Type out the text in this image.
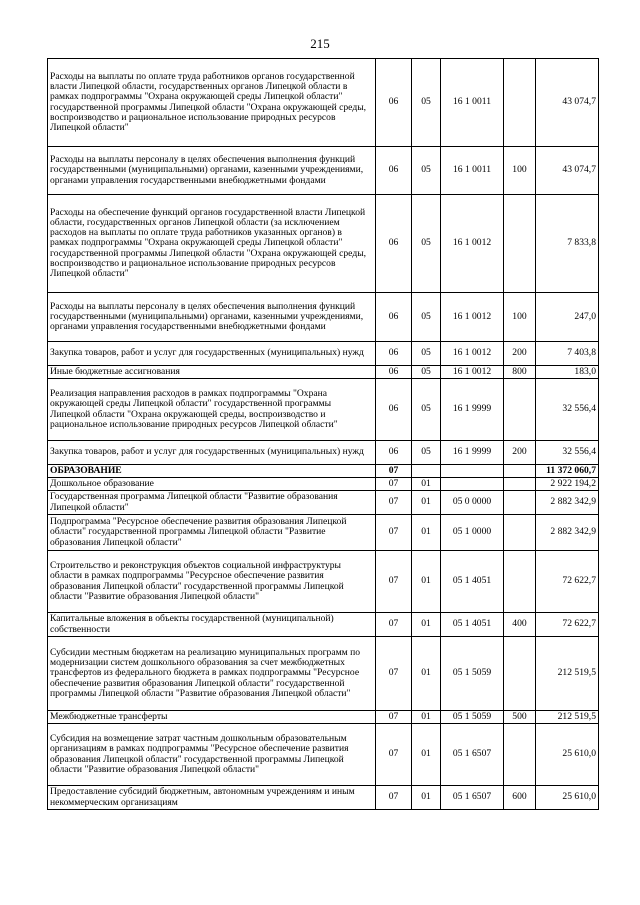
215
Расходы на выплаты по оплате труда работников органов государственной власти Липецкой области, государственных органов Липецкой области в рамках подпрограммы "Охрана окружающей среды Липецкой области" государственной программы Липецкой области "Охрана окружающей среды, воспроизводство и рациональное использование природных ресурсов Липецкой области"	06	05	16 1 0011		43 074,7
Расходы на выплаты персоналу в целях обеспечения выполнения функций государственными (муниципальными) органами, казенными учреждениями, органами управления государственными внебюджетными фондами	06	05	16 1 0011	100	43 074,7
Расходы на обеспечение функций органов государственной власти Липецкой области, государственных органов Липецкой области (за исключением расходов на выплаты по оплате труда работников указанных органов) в рамках подпрограммы "Охрана окружающей среды Липецкой области" государственной программы Липецкой области "Охрана окружающей среды, воспроизводство и рациональное использование природных ресурсов Липецкой области"	06	05	16 1 0012		7 833,8
Расходы на выплаты персоналу в целях обеспечения выполнения функций государственными (муниципальными) органами, казенными учреждениями, органами управления государственными внебюджетными фондами	06	05	16 1 0012	100	247,0
Закупка товаров, работ и услуг для государственных (муниципальных) нужд	06	05	16 1 0012	200	7 403,8
Иные бюджетные ассигнования	06	05	16 1 0012	800	183,0
Реализация направления расходов в рамках подпрограммы "Охрана окружающей среды Липецкой области" государственной программы Липецкой области "Охрана окружающей среды, воспроизводство и рациональное использование природных ресурсов Липецкой области"	06	05	16 1 9999		32 556,4
Закупка товаров, работ и услуг для государственных (муниципальных) нужд	06	05	16 1 9999	200	32 556,4
ОБРАЗОВАНИЕ	07				11 372 060,7
Дошкольное образование	07	01			2 922 194,2
Государственная программа Липецкой области "Развитие образования Липецкой области"	07	01	05 0 0000		2 882 342,9
Подпрограмма "Ресурсное обеспечение развития образования Липецкой области" государственной программы Липецкой области "Развитие образования Липецкой области"	07	01	05 1 0000		2 882 342,9
Строительство и реконструкция объектов социальной инфраструктуры области в рамках подпрограммы "Ресурсное обеспечение развития образования Липецкой области" государственной программы Липецкой области "Развитие образования Липецкой области"	07	01	05 1 4051		72 622,7
Капитальные вложения в объекты государственной (муниципальной) собственности	07	01	05 1 4051	400	72 622,7
Субсидии местным бюджетам на реализацию муниципальных программ по модернизации систем дошкольного образования за счет межбюджетных трансфертов из федерального бюджета в рамках подпрограммы "Ресурсное обеспечение развития образования Липецкой области" государственной программы Липецкой области "Развитие образования Липецкой области"	07	01	05 1 5059		212 519,5
Межбюджетные трансферты	07	01	05 1 5059	500	212 519,5
Субсидия на возмещение затрат частным дошкольным образовательным организациям в рамках подпрограммы "Ресурсное обеспечение развития образования Липецкой области" государственной программы Липецкой области "Развитие образования Липецкой области"	07	01	05 1 6507		25 610,0
Предоставление субсидий бюджетным, автономным учреждениям и иным некоммерческим организациям	07	01	05 1 6507	600	25 610,0
